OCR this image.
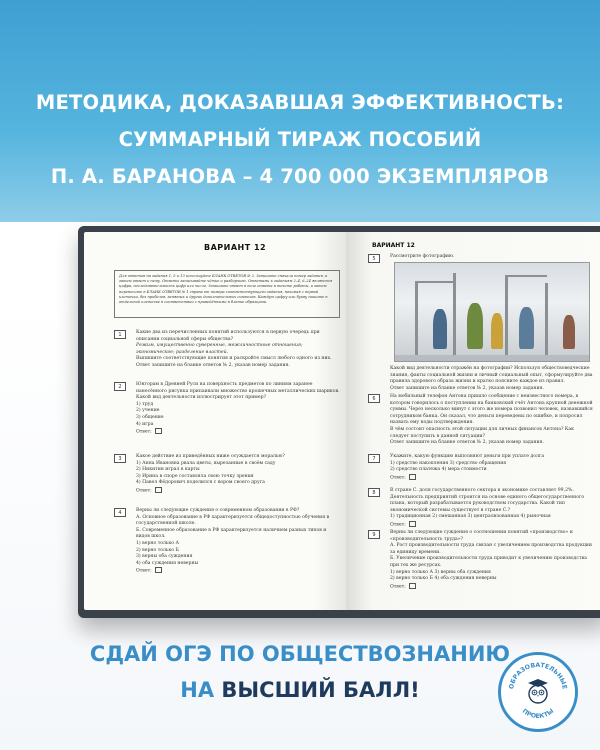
МЕТОДИКА, ДОКАЗАВШАЯ ЭФФЕКТИВНОСТЬ:
СУММАРНЫЙ ТИРАЖ ПОСОБИЙ
П. А. БАРАНОВА – 4 700 000 ЭКЗЕМПЛЯРОВ
ВАРИАНТ 12
Для ответов на задания 1, 5 и 13 используйте БЛАНК ОТВЕТОВ № 2. Запишите сначала номер задания, а затем ответ к нему. Ответы записывайте чётко и разборчиво. Ответами к заданиям 2–4, 6–24 являются цифра, последовательность цифр или число. Запишите ответ в поле ответа в тексте работы, а затем перенесите в БЛАНК ОТВЕТОВ № 1 справа от номера соответствующего задания, начиная с первой клеточки, без пробелов, запятых и других дополнительных символов. Каждую цифру или букву пишите в отдельной клеточке в соответствии с приведёнными в бланке образцами.
1	Какие два из перечисленных понятий используются в первую очередь при описании социальной сферы общества?
Режим, имущественно суверенные, межличностные отношения; экономическое; разделение властей.
Выпишите соответствующие понятия и раскройте смысл любого одного из них.
Ответ запишите на бланке ответов № 2, указав номер задания.
2	Юнгорам в Древней Руси на поверхность предметов по линиям заранее нанесённого рисунка припаивали множество крошечных металлических шариков. Какой вид деятельности иллюстрирует этот пример?
1) труд
2) учение
3) общение
4) игра
Ответ:
3	Какое действие из приведённых ниже осуждается моралью?
1) Анна Ивановна рвала цветы, вырезанные в своём саду
2) Никитин играл в карты
3) Ирина в споре составляла свою точку зрения
4) Павел Фёдорович поделился с вором своего друга
Ответ:
4	Верны ли следующие суждения о современном образовании в РФ?
А. Основное образование в РФ характеризуется общедоступностью обучения в государственной школе.
Б. Современное образование в РФ характеризуется наличием разных типов и видов школ.
1) верно только А
2) верно только Б
3) верны оба суждения
4) оба суждения неверны
Ответ:
ВАРИАНТ 12
5	Рассмотрите фотографию.
Какой вид деятельности отражён на фотографии? Используя обществоведческие знания, факты социальной жизни и личный социальный опыт, сформулируйте два правила здорового образа жизни и кратко поясните каждое из правил.
Ответ запишите на бланке ответов № 2, указав номер задания.
6	На мобильный телефон Антона пришло сообщение с неизвестного номера, в котором говорилось о поступлении на банковский счёт Антона крупной денежной суммы. Через несколько минут с этого же номера позвонил человек, назвавшийся сотрудником банка. Он сказал, что деньги переведены по ошибке, и попросил назвать ему коды подтверждения.
В чём состоит опасность этой ситуации для личных финансов Антона? Как следует поступить в данной ситуации?
Ответ запишите на бланке ответов № 2, указав номер задания.
7	Укажите, какую функцию выполняют деньги при уплате долга
1) средство накопления 3) средство обращения
2) средство платежа 4) мера стоимости
Ответ:
8	В стране С. доля государственного сектора в экономике составляет 99,2%. Деятельность предприятий строится на основе единого общегосударственного плана, который разрабатывается руководством государства. Какой тип экономической системы существует в стране С.?
1) традиционная 2) смешанная 3) централизованная 4) рыночная
Ответ:
9	Верны ли следующие суждения о соотношении понятий «производство» и «производительность труда»?
А. Рост производительности труда связан с увеличением производства продукции за единицу времени.
Б. Увеличение производительности труда приводит к увеличению производства при тех же ресурсах.
1) верно только А 3) верны оба суждения
2) верно только Б 4) оба суждения неверны
Ответ:
СДАЙ ОГЭ ПО ОБЩЕСТВОЗНАНИЮ
НА ВЫСШИЙ БАЛЛ!	ОБРАЗОВАТЕЛЬНЫЕ
ПРОЕКТЫ
